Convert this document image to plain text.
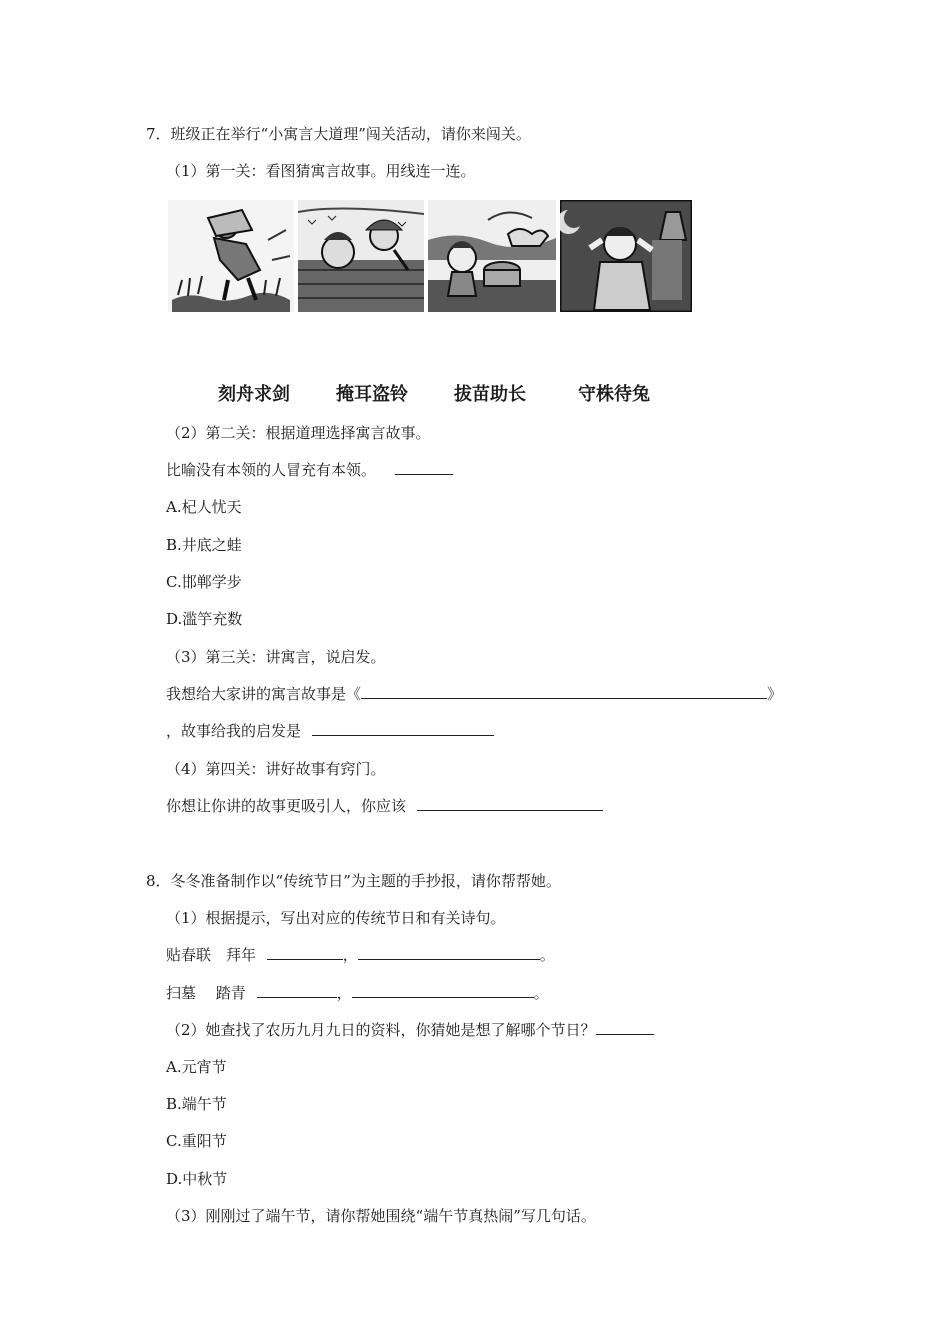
7．班级正在举行“小寓言大道理”闯关活动，请你来闯关。
（1）第一关：看图猜寓言故事。用线连一连。
刻舟求剑	掩耳盗铃	拔苗助长	守株待兔
（2）第二关：根据道理选择寓言故事。
比喻没有本领的人冒充有本领。
A.杞人忧天
B.井底之蛙
C.邯郸学步
D.滥竽充数
（3）第三关：讲寓言，说启发。
我想给大家讲的寓言故事是《	》
，故事给我的启发是
（4）第四关：讲好故事有窍门。
你想让你讲的故事更吸引人，你应该
8．冬冬准备制作以“传统节日”为主题的手抄报，请你帮帮她。
（1）根据提示，写出对应的传统节日和有关诗句。
贴春联　拜年	，	。
扫墓　 踏青	，	。
（2）她查找了农历九月九日的资料，你猜她是想了解哪个节日？
A.元宵节
B.端午节
C.重阳节
D.中秋节
（3）刚刚过了端午节，请你帮她围绕“端午节真热闹”写几句话。
